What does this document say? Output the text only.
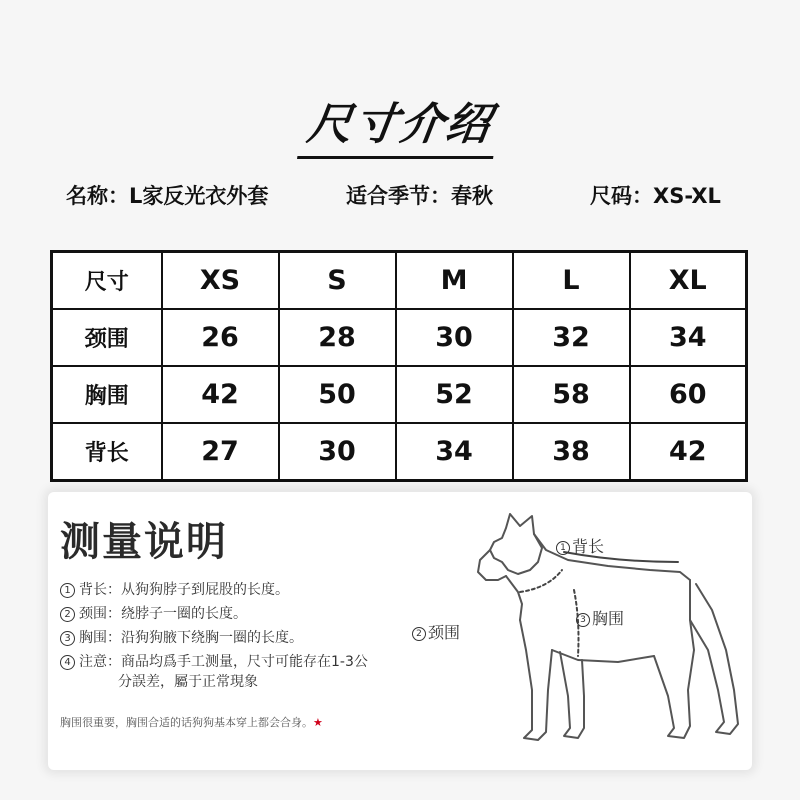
尺寸介绍
名称：L家反光衣外套	适合季节：春秋	尺码：XS-XL
尺寸	XS	S	M	L	XL
颈围	26	28	30	32	34
胸围	42	50	52	58	60
背长	27	30	34	38	42
测量说明
1 背长：从狗狗脖子到屁股的长度。
2 颈围：绕脖子一圈的长度。
3 胸围：沿狗狗腋下绕胸一圈的长度。
4 注意：商品均爲手工测量，尺寸可能存在1-3公
分誤差，屬于正常現象
胸围很重要，胸围合适的话狗狗基本穿上都会合身。★
1 背长
2 颈围
3 胸围
